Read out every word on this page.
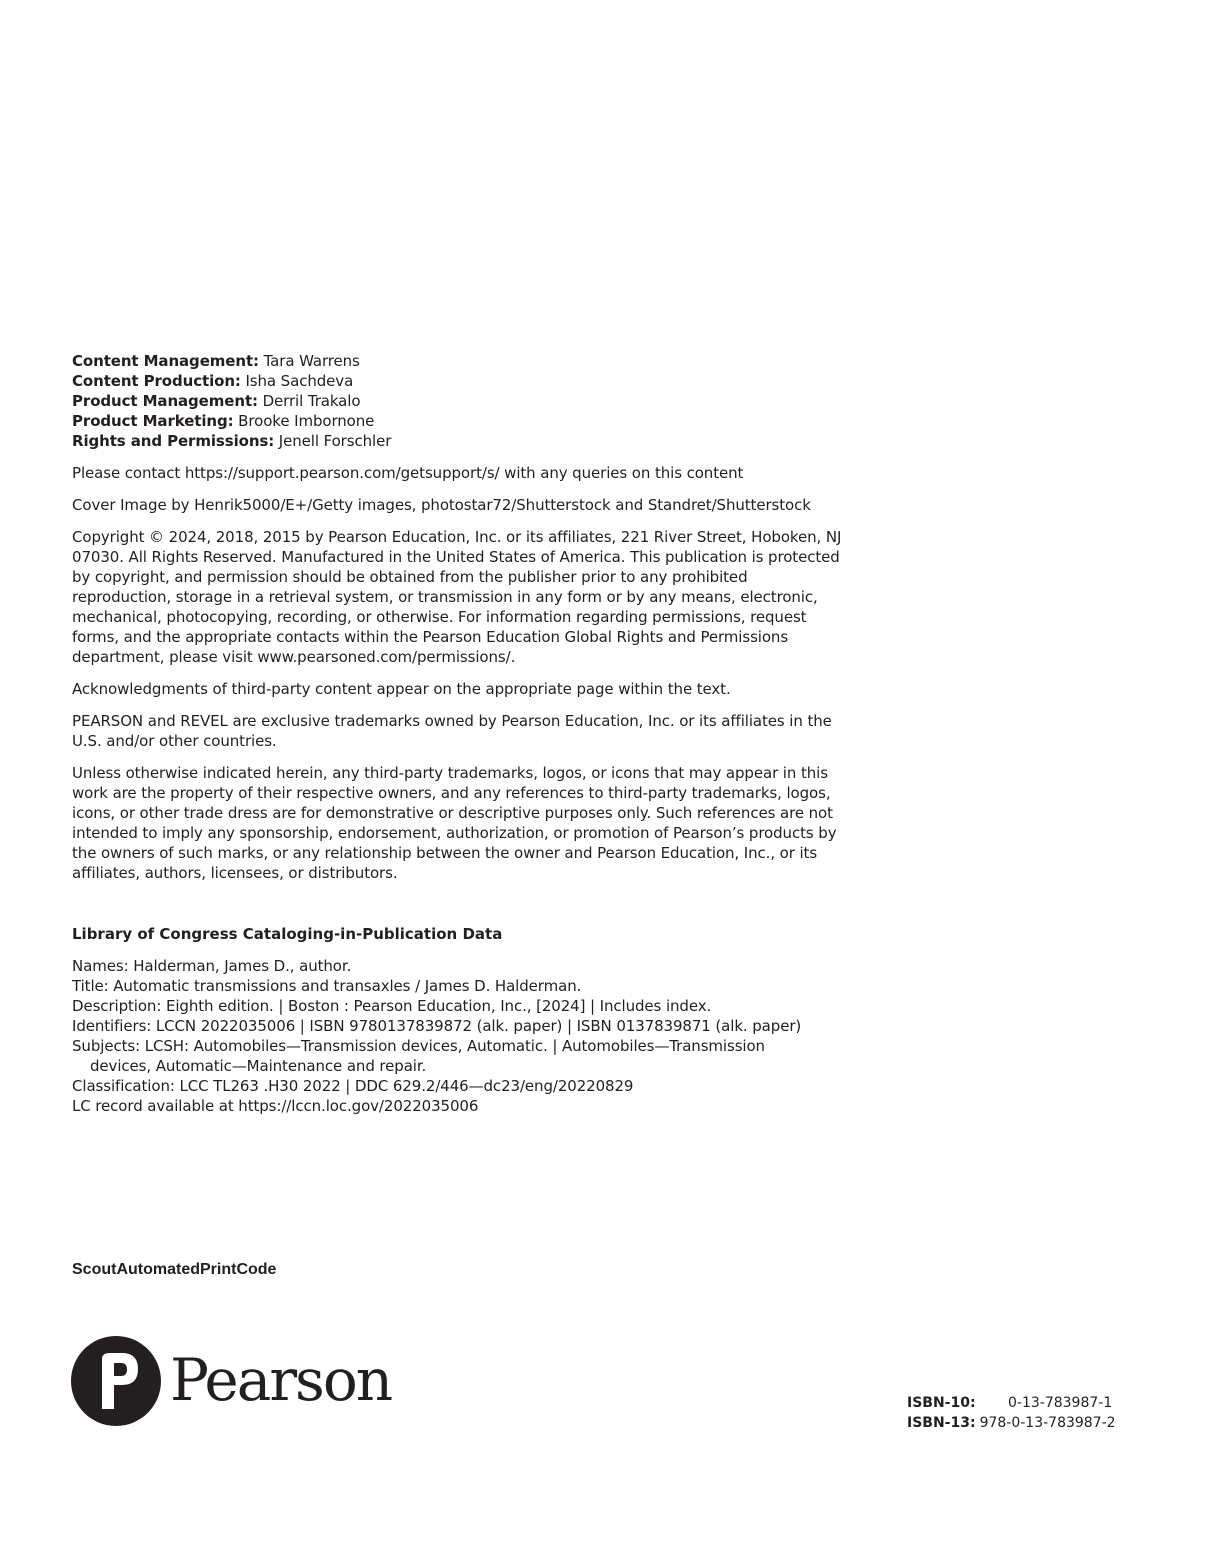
Content Management: Tara Warrens
Content Production: Isha Sachdeva
Product Management: Derril Trakalo
Product Marketing: Brooke Imbornone
Rights and Permissions: Jenell Forschler

Please contact https://support.pearson.com/getsupport/s/ with any queries on this content

Cover Image by Henrik5000/E+/Getty images, photostar72/Shutterstock and Standret/Shutterstock

Copyright © 2024, 2018, 2015 by Pearson Education, Inc. or its affiliates, 221 River Street, Hoboken, NJ 07030. All Rights Reserved. Manufactured in the United States of America. This publication is protected by copyright, and permission should be obtained from the publisher prior to any prohibited reproduction, storage in a retrieval system, or transmission in any form or by any means, electronic, mechanical, photocopying, recording, or otherwise. For information regarding permissions, request forms, and the appropriate contacts within the Pearson Education Global Rights and Permissions department, please visit www.pearsoned.com/permissions/.

Acknowledgments of third-party content appear on the appropriate page within the text.

PEARSON and REVEL are exclusive trademarks owned by Pearson Education, Inc. or its affiliates in the U.S. and/or other countries.

Unless otherwise indicated herein, any third-party trademarks, logos, or icons that may appear in this work are the property of their respective owners, and any references to third-party trademarks, logos, icons, or other trade dress are for demonstrative or descriptive purposes only. Such references are not intended to imply any sponsorship, endorsement, authorization, or promotion of Pearson’s products by the owners of such marks, or any relationship between the owner and Pearson Education, Inc., or its affiliates, authors, licensees, or distributors.

Library of Congress Cataloging-in-Publication Data
Names: Halderman, James D., author.
Title: Automatic transmissions and transaxles / James D. Halderman.
Description: Eighth edition. | Boston : Pearson Education, Inc., [2024] | Includes index.
Identifiers: LCCN 2022035006 | ISBN 9780137839872 (alk. paper) | ISBN 0137839871 (alk. paper)
Subjects: LCSH: Automobiles—Transmission devices, Automatic. | Automobiles—Transmission
devices, Automatic—Maintenance and repair.
Classification: LCC TL263 .H30 2022 | DDC 629.2/446—dc23/eng/20220829
LC record available at https://lccn.loc.gov/2022035006
ScoutAutomatedPrintCode
Pearson	ISBN-10: 0-13-783987-1
ISBN-13: 978-0-13-783987-2
